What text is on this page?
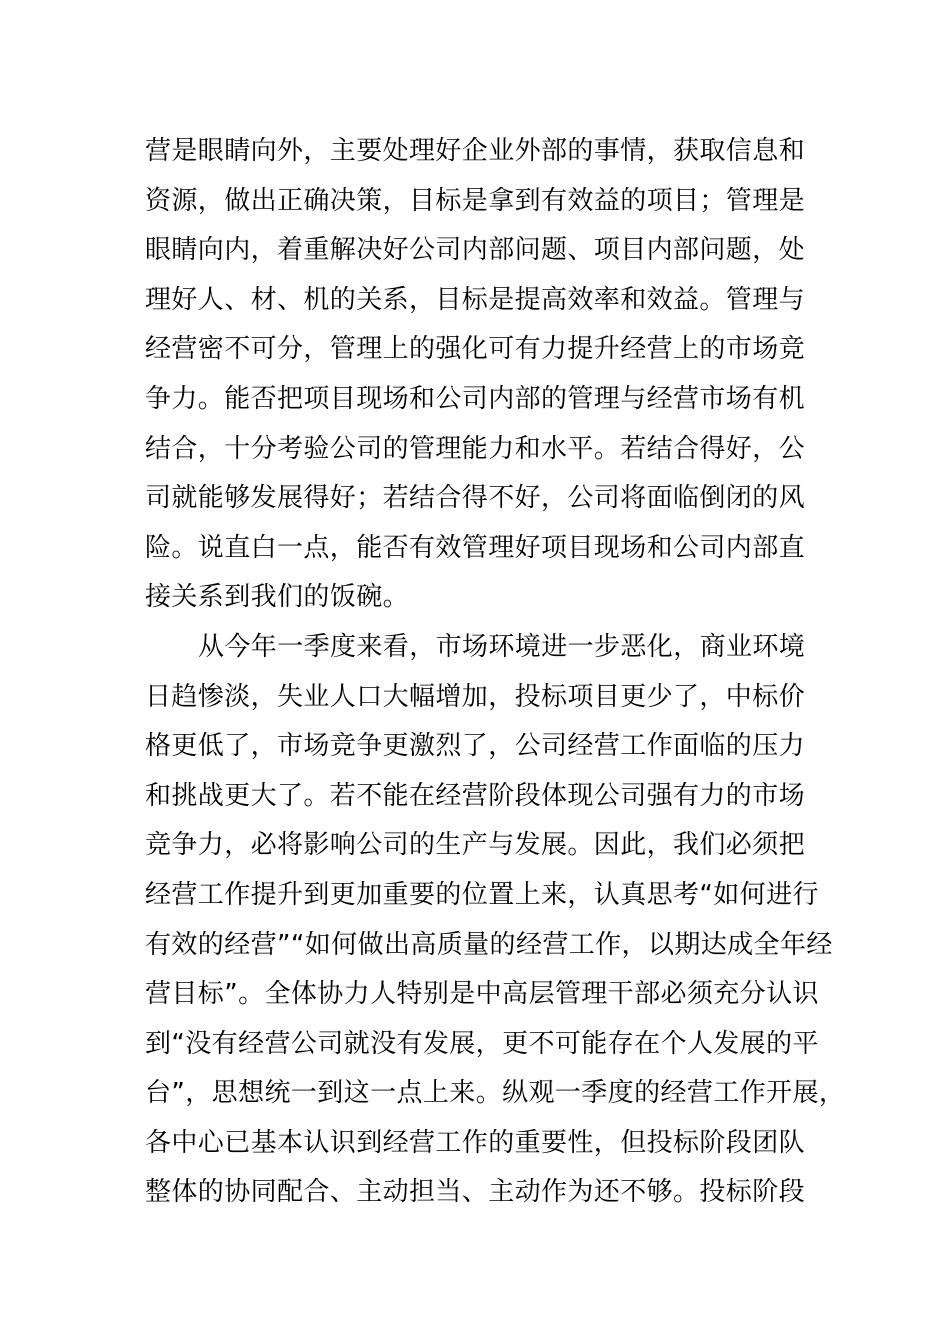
营是眼睛向外，主要处理好企业外部的事情，获取信息和
资源，做出正确决策，目标是拿到有效益的项目；管理是
眼睛向内，着重解决好公司内部问题、项目内部问题，处
理好人、材、机的关系，目标是提高效率和效益。管理与
经营密不可分，管理上的强化可有力提升经营上的市场竞
争力。能否把项目现场和公司内部的管理与经营市场有机
结合，十分考验公司的管理能力和水平。若结合得好，公
司就能够发展得好；若结合得不好，公司将面临倒闭的风
险。说直白一点，能否有效管理好项目现场和公司内部直
接关系到我们的饭碗。
从今年一季度来看，市场环境进一步恶化，商业环境
日趋惨淡，失业人口大幅增加，投标项目更少了，中标价
格更低了，市场竞争更激烈了，公司经营工作面临的压力
和挑战更大了。若不能在经营阶段体现公司强有力的市场
竞争力，必将影响公司的生产与发展。因此，我们必须把
经营工作提升到更加重要的位置上来，认真思考“如何进行
有效的经营”“如何做出高质量的经营工作，以期达成全年经
营目标”。全体协力人特别是中高层管理干部必须充分认识
到“没有经营公司就没有发展，更不可能存在个人发展的平
台”，思想统一到这一点上来。纵观一季度的经营工作开展，
各中心已基本认识到经营工作的重要性，但投标阶段团队
整体的协同配合、主动担当、主动作为还不够。投标阶段
